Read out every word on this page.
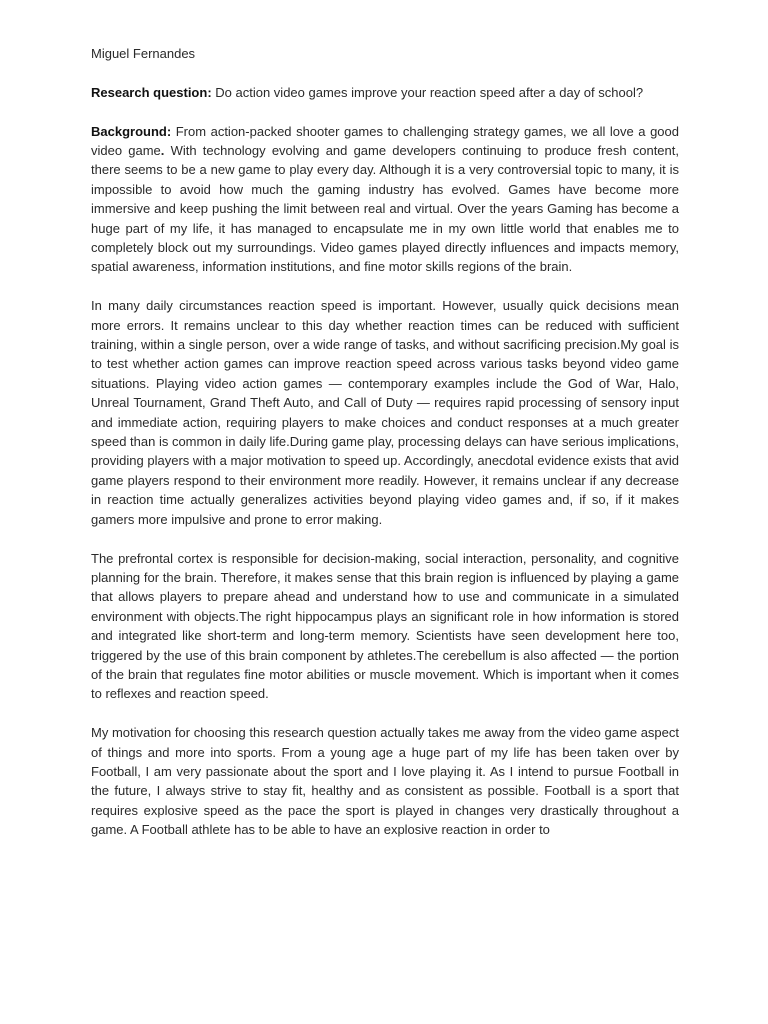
Miguel Fernandes

Research question: Do action video games improve your reaction speed after a day of school?

Background: From action-packed shooter games to challenging strategy games, we all love a good video game. With technology evolving and game developers continuing to produce fresh content, there seems to be a new game to play every day. Although it is a very controversial topic to many, it is impossible to avoid how much the gaming industry has evolved. Games have become more immersive and keep pushing the limit between real and virtual. Over the years Gaming has become a huge part of my life, it has managed to encapsulate me in my own little world that enables me to completely block out my surroundings. Video games played directly influences and impacts memory, spatial awareness, information institutions, and fine motor skills regions of the brain.

In many daily circumstances reaction speed is important. However, usually quick decisions mean more errors. It remains unclear to this day whether reaction times can be reduced with sufficient training, within a single person, over a wide range of tasks, and without sacrificing precision.My goal is to test whether action games can improve reaction speed across various tasks beyond video game situations. Playing video action games — contemporary examples include the God of War, Halo, Unreal Tournament, Grand Theft Auto, and Call of Duty — requires rapid processing of sensory input and immediate action, requiring players to make choices and conduct responses at a much greater speed than is common in daily life.During game play, processing delays can have serious implications, providing players with a major motivation to speed up. Accordingly, anecdotal evidence exists that avid game players respond to their environment more readily. However, it remains unclear if any decrease in reaction time actually generalizes activities beyond playing video games and, if so, if it makes gamers more impulsive and prone to error making.

The prefrontal cortex is responsible for decision-making, social interaction, personality, and cognitive planning for the brain. Therefore, it makes sense that this brain region is influenced by playing a game that allows players to prepare ahead and understand how to use and communicate in a simulated environment with objects.The right hippocampus plays an significant role in how information is stored and integrated like short-term and long-term memory. Scientists have seen development here too, triggered by the use of this brain component by athletes.The cerebellum is also affected — the portion of the brain that regulates fine motor abilities or muscle movement. Which is important when it comes to reflexes and reaction speed.

My motivation for choosing this research question actually takes me away from the video game aspect of things and more into sports. From a young age a huge part of my life has been taken over by Football, I am very passionate about the sport and I love playing it. As I intend to pursue Football in the future, I always strive to stay fit, healthy and as consistent as possible. Football is a sport that requires explosive speed as the pace the sport is played in changes very drastically throughout a game. A Football athlete has to be able to have an explosive reaction in order to
